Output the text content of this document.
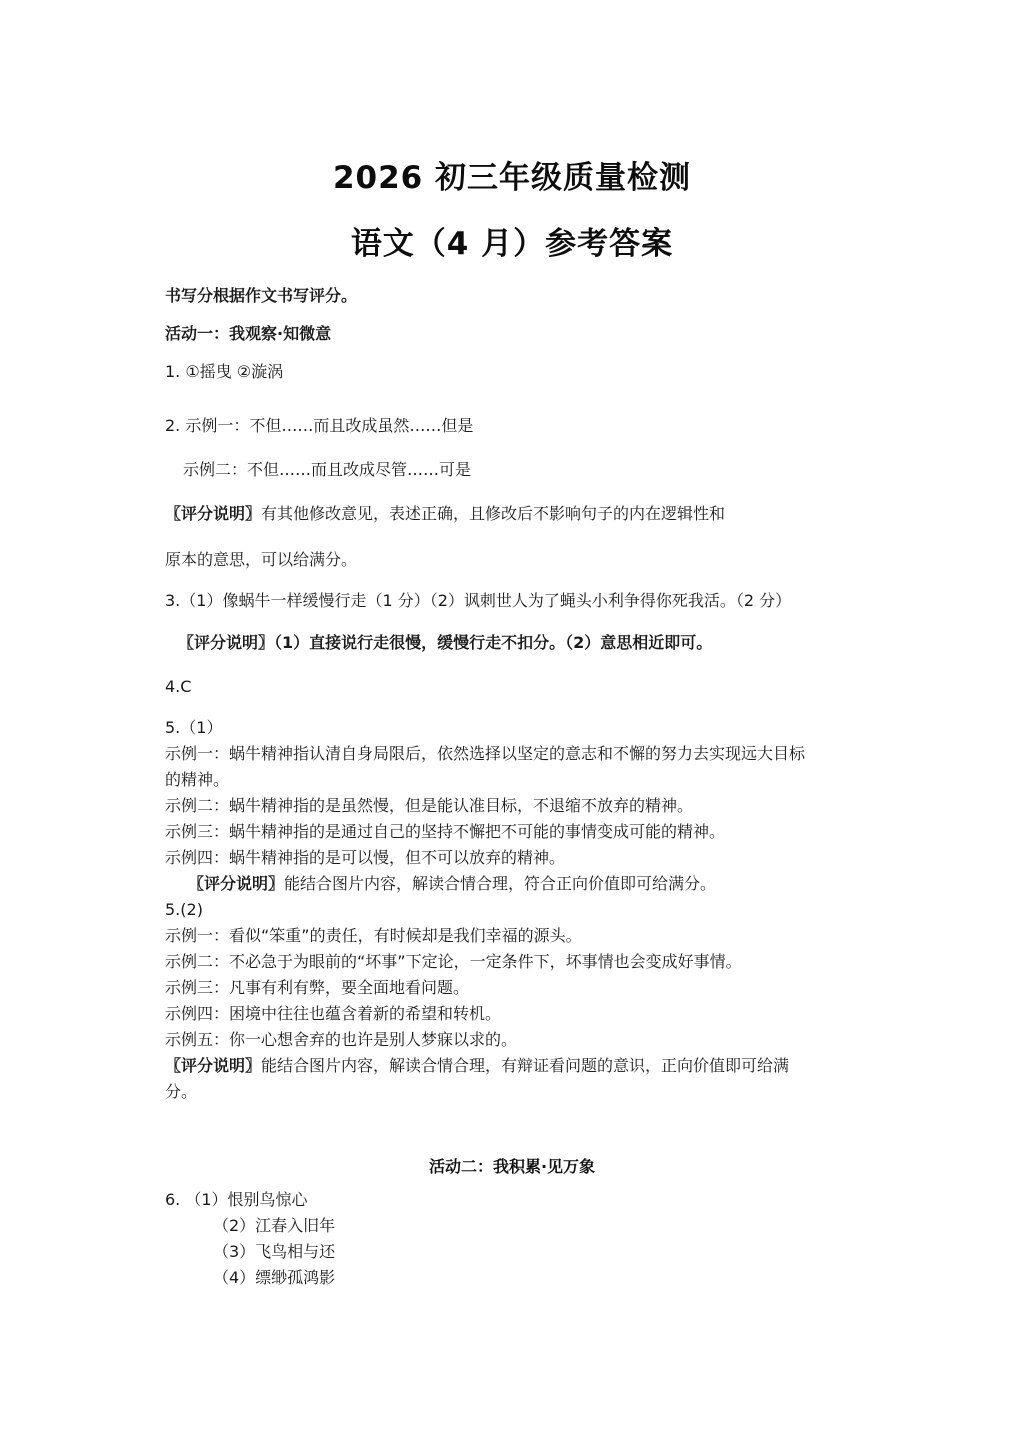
2026 初三年级质量检测
语文（4 月）参考答案
书写分根据作文书写评分。
活动一：我观察·知微意
1. ①摇曳 ②漩涡
2. 示例一：不但……而且改成虽然……但是
示例二：不但……而且改成尽管……可是
〖评分说明〗有其他修改意见，表述正确，且修改后不影响句子的内在逻辑性和
原本的意思，可以给满分。
3.（1）像蜗牛一样缓慢行走（1 分）（2）讽刺世人为了蝇头小利争得你死我活。（2 分）
〖评分说明〗（1）直接说行走很慢，缓慢行走不扣分。（2）意思相近即可。
4.C
5.（1）
示例一：蜗牛精神指认清自身局限后，依然选择以坚定的意志和不懈的努力去实现远大目标
的精神。
示例二：蜗牛精神指的是虽然慢，但是能认准目标，不退缩不放弃的精神。
示例三：蜗牛精神指的是通过自己的坚持不懈把不可能的事情变成可能的精神。
示例四：蜗牛精神指的是可以慢，但不可以放弃的精神。
〖评分说明〗能结合图片内容，解读合情合理，符合正向价值即可给满分。
5.(2)
示例一：看似“笨重”的责任，有时候却是我们幸福的源头。
示例二：不必急于为眼前的“坏事”下定论，一定条件下，坏事情也会变成好事情。
示例三：凡事有利有弊，要全面地看问题。
示例四：困境中往往也蕴含着新的希望和转机。
示例五：你一心想舍弃的也许是别人梦寐以求的。
〖评分说明〗能结合图片内容，解读合情合理，有辩证看问题的意识，正向价值即可给满
分。
活动二：我积累·见万象
6. （1）恨别鸟惊心
（2）江春入旧年
（3）飞鸟相与还
（4）缥缈孤鸿影
